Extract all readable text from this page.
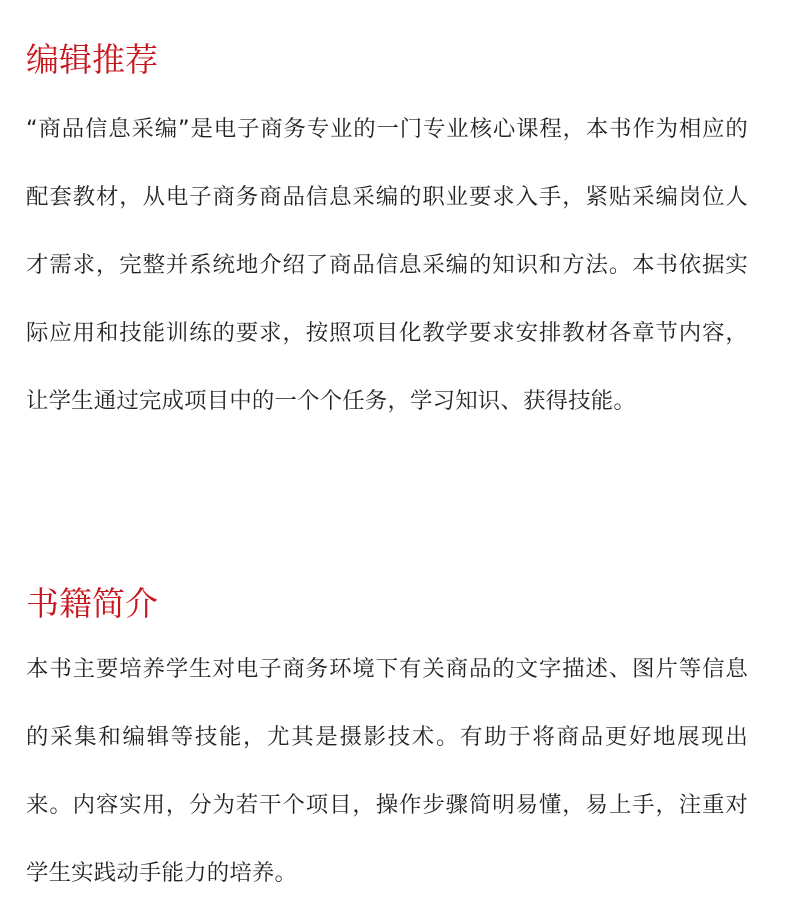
编辑推荐

“商品信息采编”是电子商务专业的一门专业核心课程，本书作为相应的配套教材，从电子商务商品信息采编的职业要求入手，紧贴采编岗位人才需求，完整并系统地介绍了商品信息采编的知识和方法。本书依据实际应用和技能训练的要求，按照项目化教学要求安排教材各章节内容，让学生通过完成项目中的一个个任务，学习知识、获得技能。

书籍简介

本书主要培养学生对电子商务环境下有关商品的文字描述、图片等信息的采集和编辑等技能，尤其是摄影技术。有助于将商品更好地展现出来。内容实用，分为若干个项目，操作步骤简明易懂，易上手，注重对学生实践动手能力的培养。
